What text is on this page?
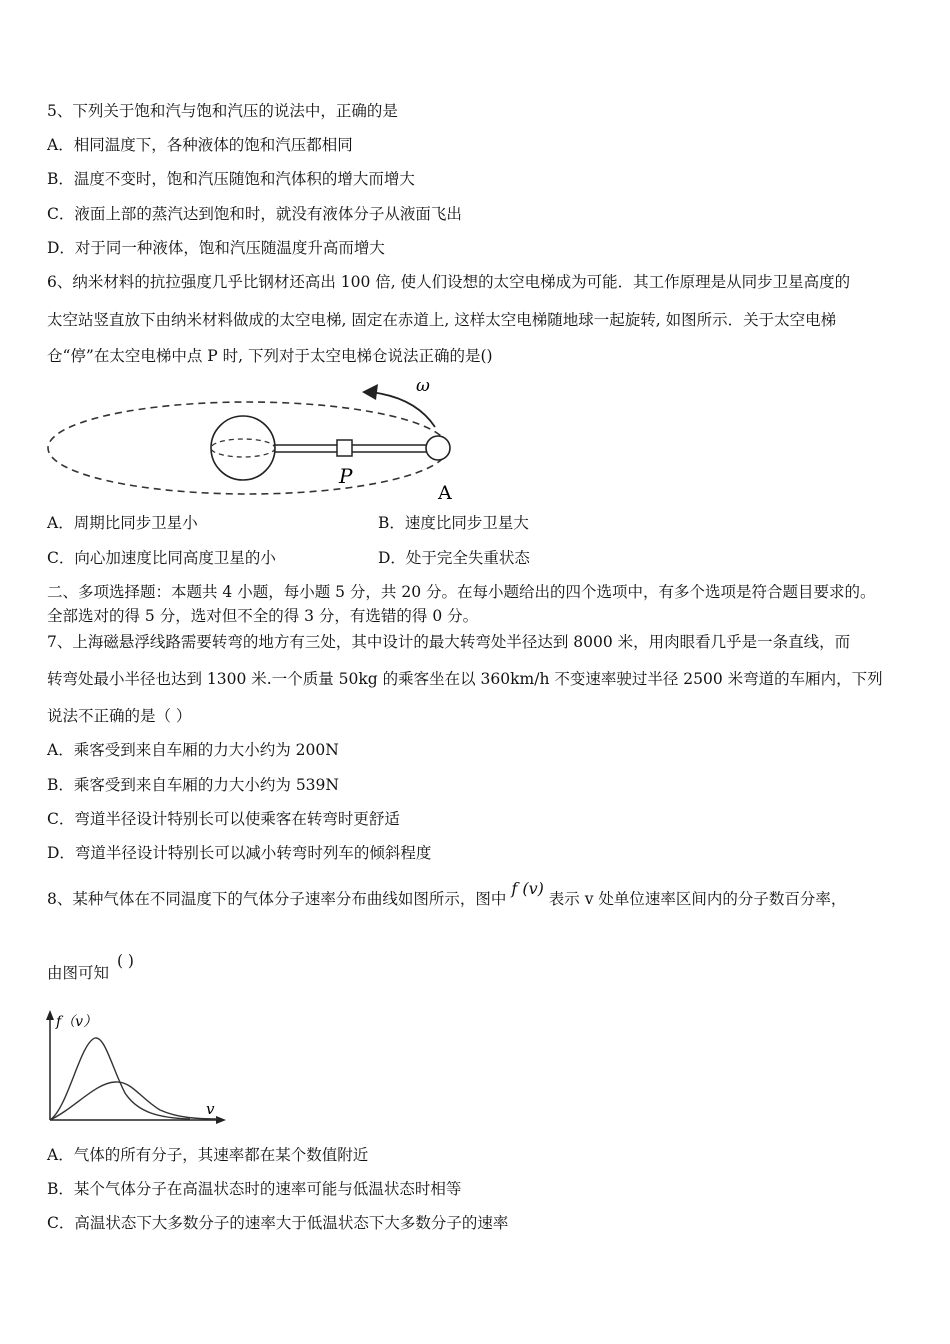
5、下列关于饱和汽与饱和汽压的说法中，正确的是
A．相同温度下，各种液体的饱和汽压都相同
B．温度不变时，饱和汽压随饱和汽体积的增大而增大
C．液面上部的蒸汽达到饱和时，就没有液体分子从液面飞出
D．对于同一种液体，饱和汽压随温度升高而增大
6、纳米材料的抗拉强度几乎比钢材还高出 100 倍, 使人们设想的太空电梯成为可能．其工作原理是从同步卫星高度的
太空站竖直放下由纳米材料做成的太空电梯, 固定在赤道上, 这样太空电梯随地球一起旋转, 如图所示．关于太空电梯
仓“停”在太空电梯中点 P 时, 下列对于太空电梯仓说法正确的是()
ω
P
A
A．周期比同步卫星小	B．速度比同步卫星大
C．向心加速度比同高度卫星的小	D．处于完全失重状态
二、多项选择题：本题共 4 小题，每小题 5 分，共 20 分。在每小题给出的四个选项中，有多个选项是符合题目要求的。
全部选对的得 5 分，选对但不全的得 3 分，有选错的得 0 分。
7、上海磁悬浮线路需要转弯的地方有三处，其中设计的最大转弯处半径达到 8000 米，用肉眼看几乎是一条直线，而
转弯处最小半径也达到 1300 米.一个质量 50kg 的乘客坐在以 360km/h 不变速率驶过半径 2500 米弯道的车厢内，下列
说法不正确的是（ ）
A．乘客受到来自车厢的力大小约为 200N
B．乘客受到来自车厢的力大小约为 539N
C．弯道半径设计特别长可以使乘客在转弯时更舒适
D．弯道半径设计特别长可以减小转弯时列车的倾斜程度
8、某种气体在不同温度下的气体分子速率分布曲线如图所示，图中 f (v) 表示 v 处单位速率区间内的分子数百分率，
由图可知 ( )
f（v）
v
A．气体的所有分子，其速率都在某个数值附近
B．某个气体分子在高温状态时的速率可能与低温状态时相等
C．高温状态下大多数分子的速率大于低温状态下大多数分子的速率
